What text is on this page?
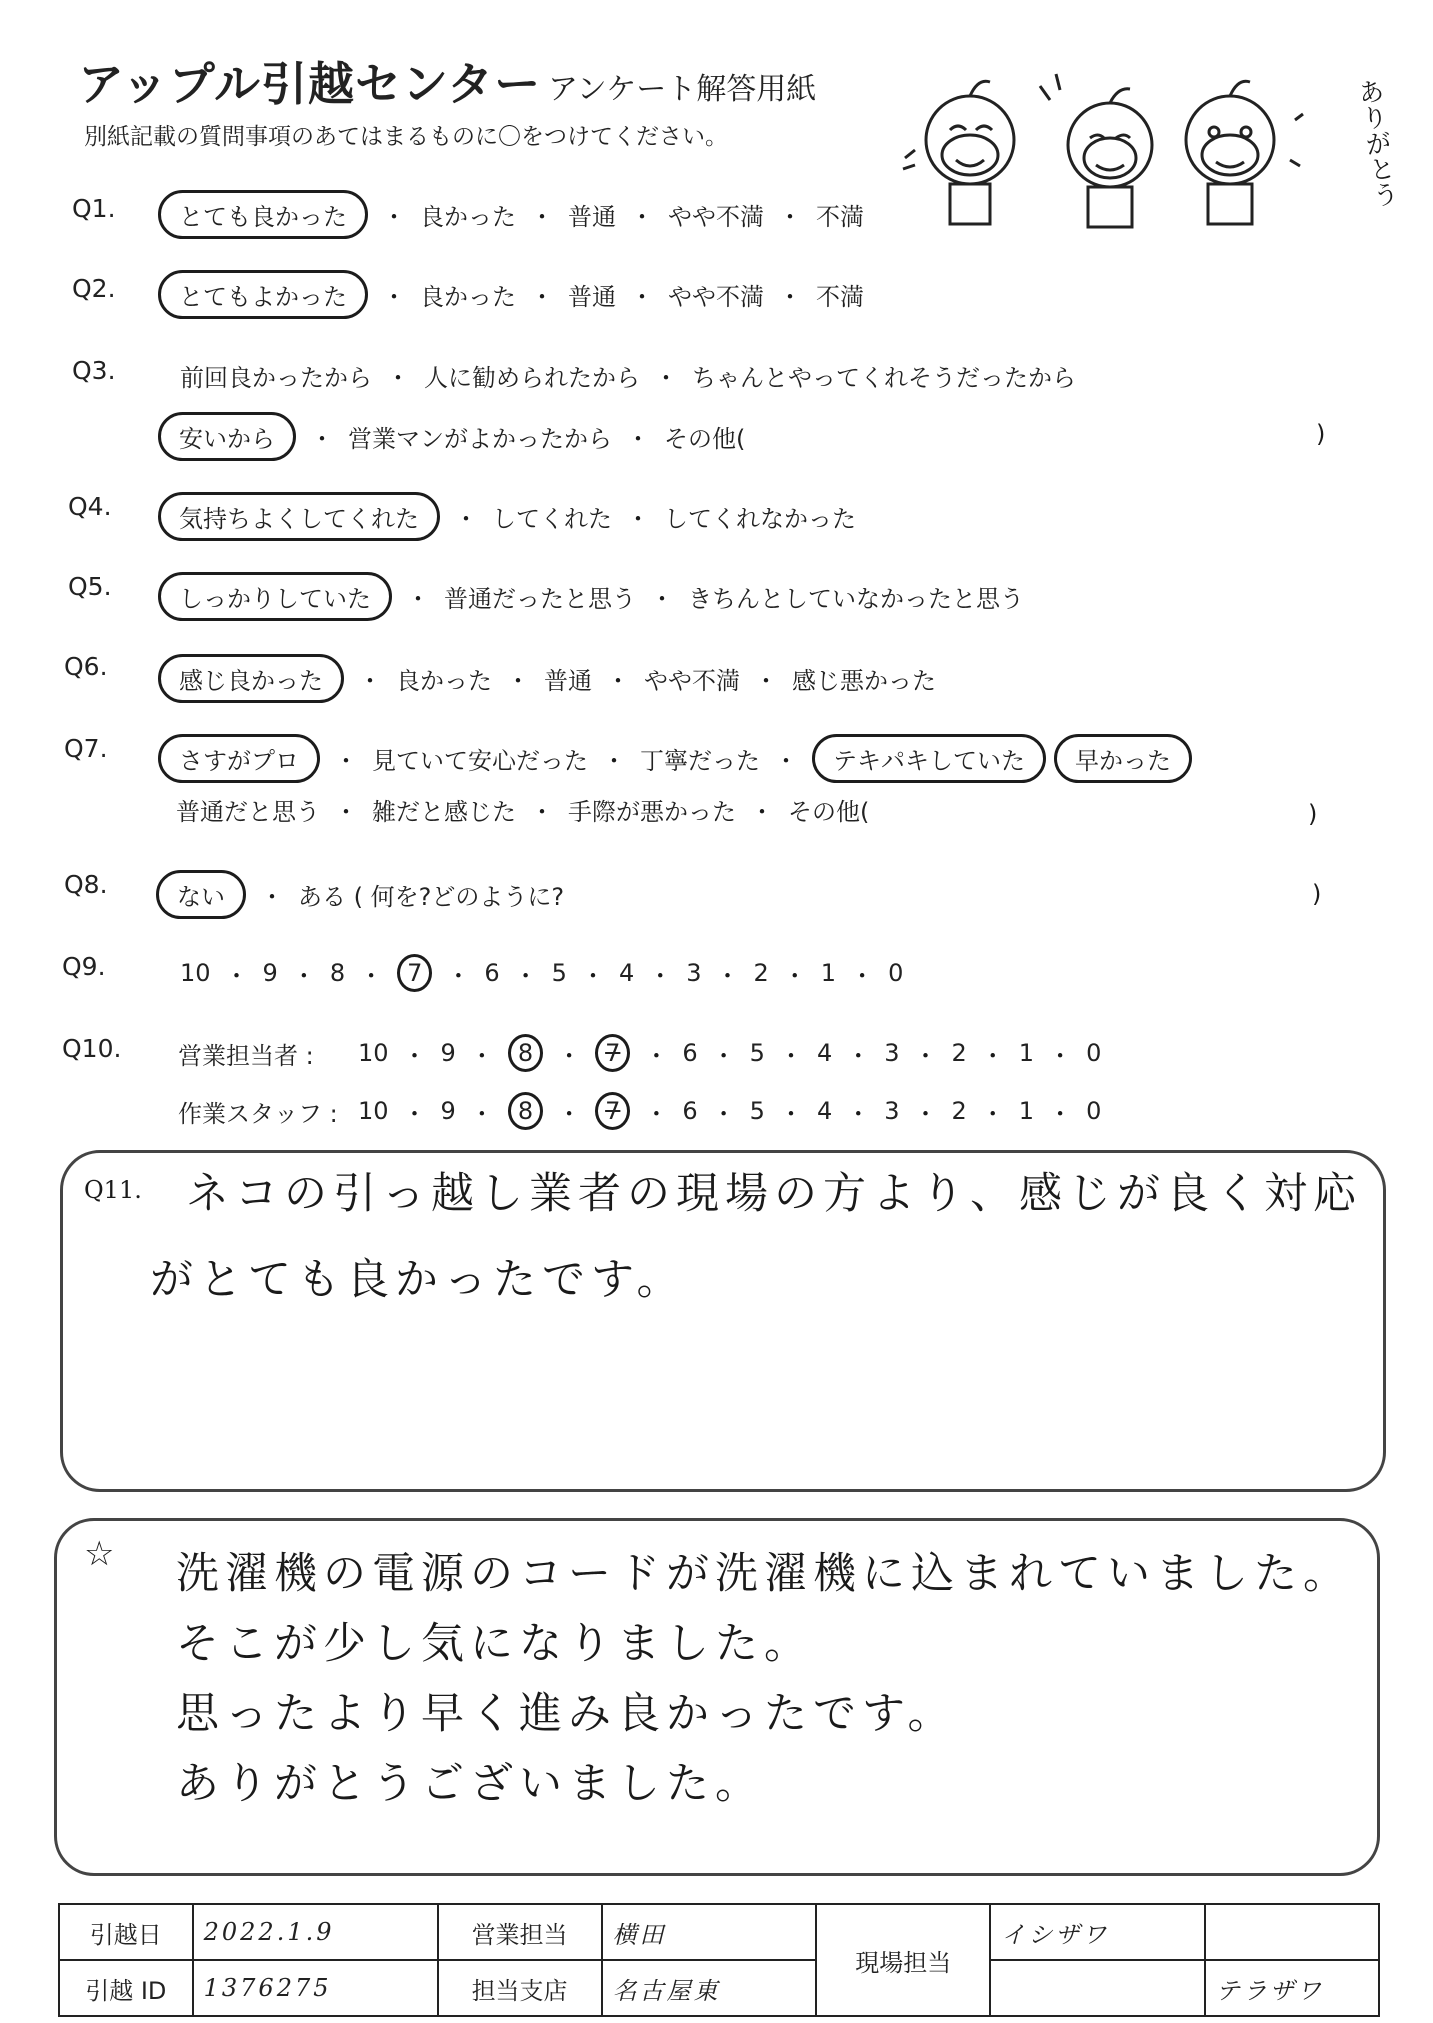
アップル引越センター アンケート解答用紙
別紙記載の質問事項のあてはまるものに〇をつけてください。	ありがとう
Q1.	とても良かった	・ 良かった ・ 普通 ・ やや不満 ・ 不満
Q2.	とてもよかった	・ 良かった ・ 普通 ・ やや不満 ・ 不満
Q3.	前回良かったから ・ 人に勧められたから ・ ちゃんとやってくれそうだったから
安いから	・ 営業マンがよかったから ・ その他(	)
Q4.	気持ちよくしてくれた	・ してくれた ・ してくれなかった
Q5.	しっかりしていた	・ 普通だったと思う ・ きちんとしていなかったと思う
Q6.	感じ良かった	・ 良かった ・ 普通 ・ やや不満 ・ 感じ悪かった
Q7.	さすがプロ	・ 見ていて安心だった ・ 丁寧だった ・	テキパキしていた	早かった
普通だと思う ・ 雑だと感じた ・ 手際が悪かった ・ その他(	)
Q8.	ない	・ ある ( 何を?どのように?	)
Q9.	10 ・ 9 ・ 8 ・	7	・ 6 ・ 5 ・ 4 ・ 3 ・ 2 ・ 1 ・ 0
Q10. 営業担当者 :	10 ・ 9 ・	8	・	7	・ 6 ・ 5 ・ 4 ・ 3 ・ 2 ・ 1 ・ 0
作業スタッフ : 10 ・ 9 ・	8	・	7	・ 6 ・ 5 ・ 4 ・ 3 ・ 2 ・ 1 ・ 0
Q11. ネコの引っ越し業者の現場の方より、感じが良く対応
がとても良かったです。
☆ 洗濯機の電源のコードが洗濯機に込まれていました。
そこが少し気になりました。
思ったより早く進み良かったです。
ありがとうございました。
引越日	2022.1.9	営業担当	横田	現場担当	イシザワ	
引越 ID	1376275	担当支店	名古屋東			テラザワ
